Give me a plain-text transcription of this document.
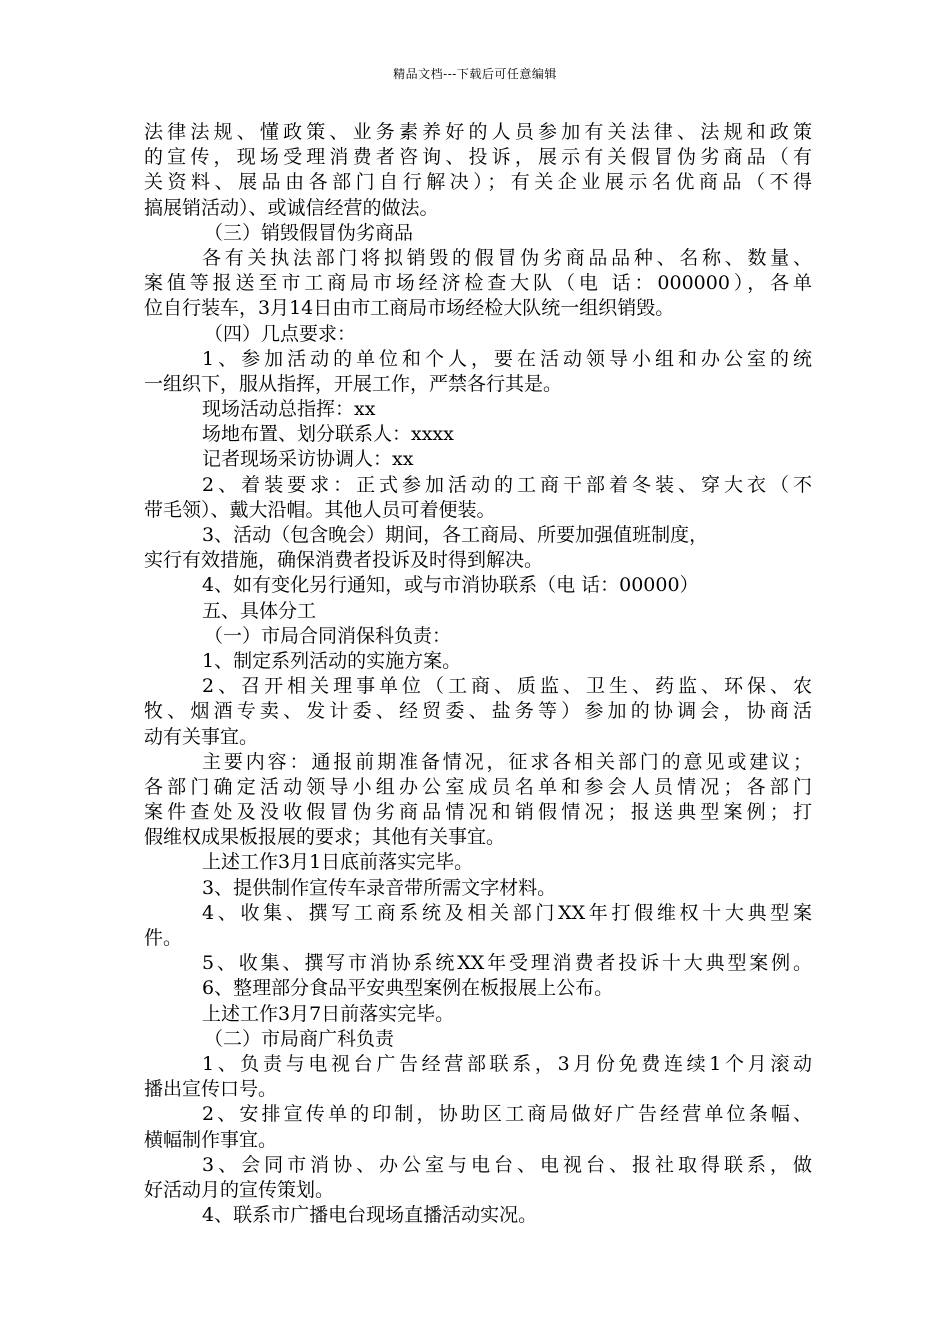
精品文档---下载后可任意编辑
法律法规、懂政策、业务素养好的人员参加有关法律、法规和政策
的宣传，现场受理消费者咨询、投诉，展示有关假冒伪劣商品（有
关资料、展品由各部门自行解决）；有关企业展示名优商品（不得
搞展销活动）、或诚信经营的做法。
（三）销毁假冒伪劣商品
各有关执法部门将拟销毁的假冒伪劣商品品种、名称、数量、
案值等报送至市工商局市场经济检查大队（电 话：000000），各单
位自行装车，3月14日由市工商局市场经检大队统一组织销毁。
（四）几点要求：
1、参加活动的单位和个人，要在活动领导小组和办公室的统
一组织下，服从指挥，开展工作，严禁各行其是。
现场活动总指挥：xx
场地布置、划分联系人：xxxx
记者现场采访协调人：xx
2、着装要求：正式参加活动的工商干部着冬装、穿大衣（不
带毛领）、戴大沿帽。其他人员可着便装。
3、活动（包含晚会）期间，各工商局、所要加强值班制度，
实行有效措施，确保消费者投诉及时得到解决。
4、如有变化另行通知，或与市消协联系（电 话：00000）
五、具体分工
（一）市局合同消保科负责：
1、制定系列活动的实施方案。
2、召开相关理事单位（工商、质监、卫生、药监、环保、农
牧、烟酒专卖、发计委、经贸委、盐务等）参加的协调会，协商活
动有关事宜。
主要内容：通报前期准备情况，征求各相关部门的意见或建议；
各部门确定活动领导小组办公室成员名单和参会人员情况；各部门
案件查处及没收假冒伪劣商品情况和销假情况；报送典型案例；打
假维权成果板报展的要求；其他有关事宜。
上述工作3月1日底前落实完毕。
3、提供制作宣传车录音带所需文字材料。
4、收集、撰写工商系统及相关部门XX年打假维权十大典型案
件。
5、收集、撰写市消协系统XX年受理消费者投诉十大典型案例。
6、整理部分食品平安典型案例在板报展上公布。
上述工作3月7日前落实完毕。
（二）市局商广科负责
1、负责与电视台广告经营部联系，3月份免费连续1个月滚动
播出宣传口号。
2、安排宣传单的印制，协助区工商局做好广告经营单位条幅、
横幅制作事宜。
3、会同市消协、办公室与电台、电视台、报社取得联系，做
好活动月的宣传策划。
4、联系市广播电台现场直播活动实况。
